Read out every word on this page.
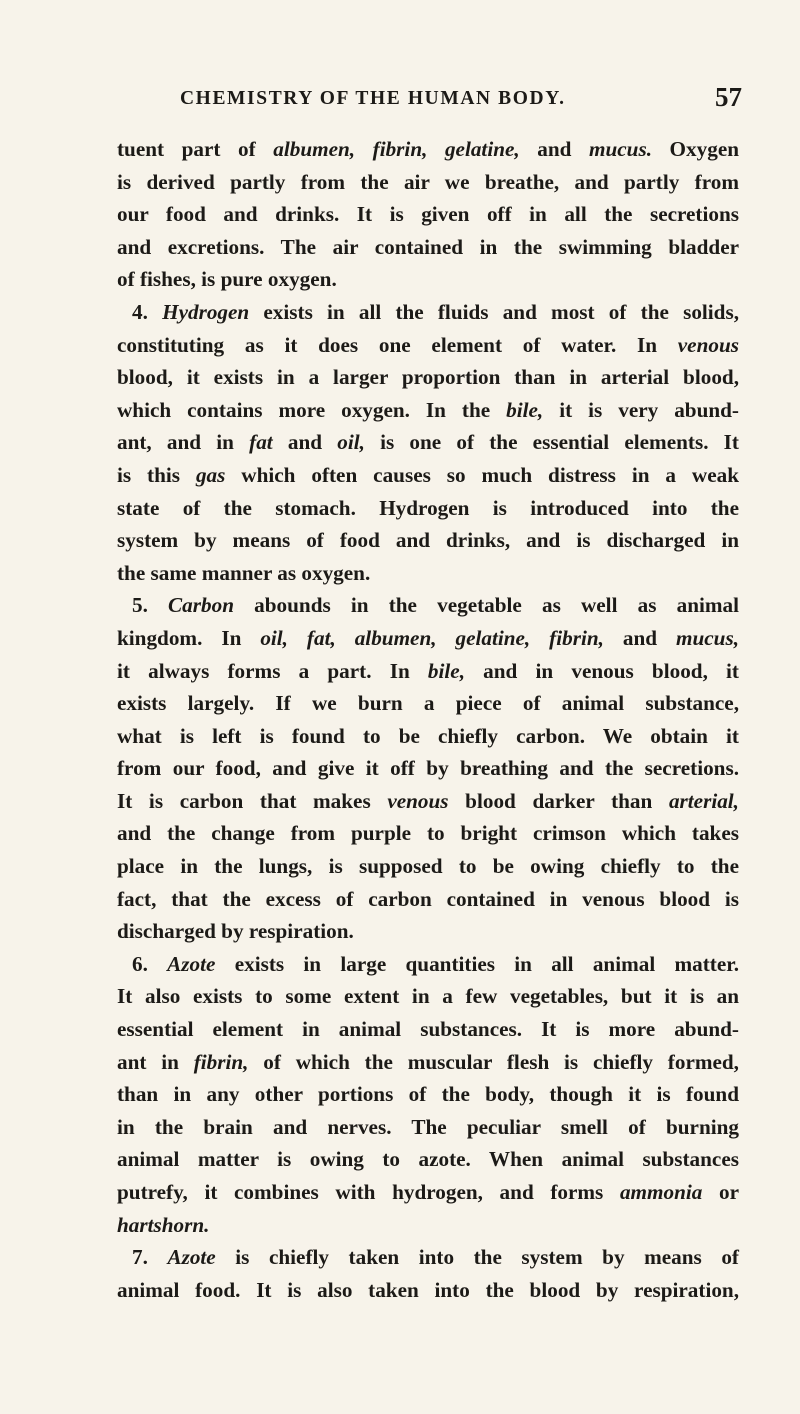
CHEMISTRY OF THE HUMAN BODY.	57
tuent part of albumen, fibrin, gelatine, and mucus. Oxygen
is derived partly from the air we breathe, and partly from
our food and drinks. It is given off in all the secretions
and excretions. The air contained in the swimming bladder
of fishes, is pure oxygen.
4. Hydrogen exists in all the fluids and most of the solids,
constituting as it does one element of water. In venous
blood, it exists in a larger proportion than in arterial blood,
which contains more oxygen. In the bile, it is very abund-
ant, and in fat and oil, is one of the essential elements. It
is this gas which often causes so much distress in a weak
state of the stomach. Hydrogen is introduced into the
system by means of food and drinks, and is discharged in
the same manner as oxygen.
5. Carbon abounds in the vegetable as well as animal
kingdom. In oil, fat, albumen, gelatine, fibrin, and mucus,
it always forms a part. In bile, and in venous blood, it
exists largely. If we burn a piece of animal substance,
what is left is found to be chiefly carbon. We obtain it
from our food, and give it off by breathing and the secretions.
It is carbon that makes venous blood darker than arterial,
and the change from purple to bright crimson which takes
place in the lungs, is supposed to be owing chiefly to the
fact, that the excess of carbon contained in venous blood is
discharged by respiration.
6. Azote exists in large quantities in all animal matter.
It also exists to some extent in a few vegetables, but it is an
essential element in animal substances. It is more abund-
ant in fibrin, of which the muscular flesh is chiefly formed,
than in any other portions of the body, though it is found
in the brain and nerves. The peculiar smell of burning
animal matter is owing to azote. When animal substances
putrefy, it combines with hydrogen, and forms ammonia or
hartshorn.
7. Azote is chiefly taken into the system by means of
animal food. It is also taken into the blood by respiration,
